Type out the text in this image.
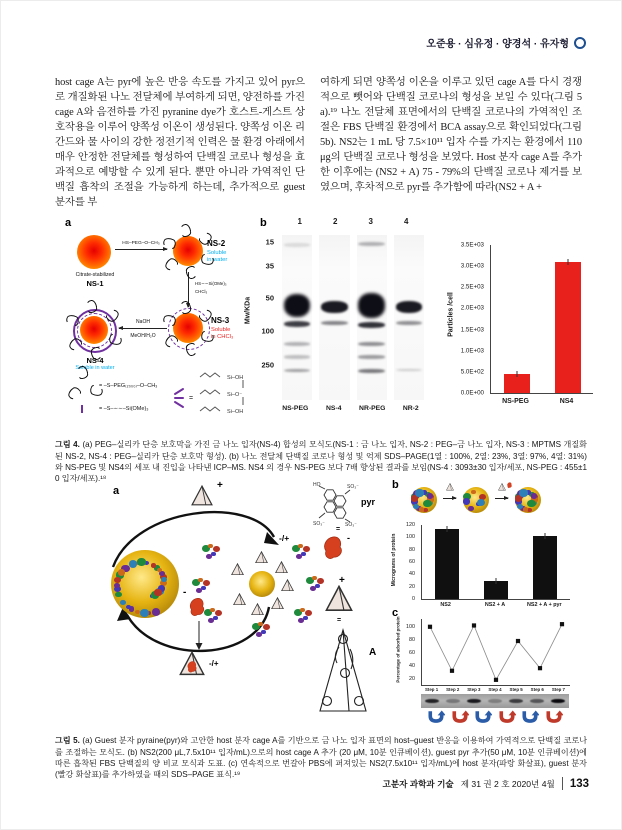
오준용 · 심유정 · 양경석 · 유자형

host cage A는 pyr에 높은 반응 속도를 가지고 있어 pyr으로 개질화된 나노 전달체에 부여하게 되면, 양전하를 가진 cage A와 음전하를 가진 pyranine dye가 호스트-게스트 상호작용을 이루어 양쪽성 이온이 생성된다. 양쪽성 이온 리간드와 물 사이의 강한 정전기적 인력은 물 환경 아래에서 매우 안정한 전달체를 형성하여 단백질 코로나 형성을 효과적으로 예방할 수 있게 된다. 뿐만 아니라 가역적인 단백질 흡착의 조절을 가능하게 하는데, 추가적으로 guest 분자를 부

여하게 되면 양쪽성 이온을 이루고 있던 cage A를 다시 경쟁적으로 뺏어와 단백질 코로나의 형성을 보일 수 있다(그림 5a).¹⁹ 나노 전달체 표면에서의 단백질 코로나의 가역적인 조절은 FBS 단백질 환경에서 BCA assay으로 확인되었다(그림 5b). NS2는 1 mL 당 7.5×10¹¹ 입자 수를 가지는 환경에서 110 μg의 단백질 코로나 형성을 보였다. Host 분자 cage A를 추가한 이후에는 (NS2 + A) 75 - 79%의 단백질 코로나 제거를 보였으며, 후차적으로 pyr를 추가함에 따라(NS2 + A +

a
Citrate-stabilized
NS-1
HS–PEG–O–CH₃	NS-2
Soluble
in water
HS∼∼Si(OMe)₃
CHCl₃
NS-3
Soluble
in CHCl₃
NaOH
MeOH/H₂O
NS-4
Soluble in water
= –S–PEG₍₂₀₀₀₎–O–CH₃
= –S–∼∼–Si(OMe)₃
=
Si–OH
Si–O⁻
Si–OH
b	1	2	3	4
Mw/KDa
15
35
50
100
250
NS-PEG	NS-4	NR-PEG	NR-2
Particles /cell
0.0E+00
5.0E+02
1.0E+03
1.5E+03
2.0E+03
2.5E+03
3.0E+03
3.5E+03
NS-PEG	NS4

그림 4. (a) PEG–실리카 단층 보호막을 가진 금 나노 입자(NS-4) 합성의 모식도(NS-1 : 금 나노 입자, NS-2 : PEG–금 나노 입자, NS-3 : MPTMS 개질화된 NS-2, NS-4 : PEG–실리카 단층 보호막 형성). (b) 나노 전달체 단백질 코로나 형성 및 억제 SDS–PAGE(1열 : 100%, 2열: 23%, 3열: 97%, 4열: 31%)와 NS-PEG 및 NS4의 세포 내 진입을 나타낸 ICP–MS. NS4 의 경우 NS-PEG 보다 7배 향상된 결과를 보임(NS-4 : 3093±30 입자/세포, NS-PEG : 455±10 입자/세포).¹⁸

a	+
-/+
-
-/+
HO	SO₃⁻
SO₃⁻	SO₃⁻
pyr
=
-
+
=
A
b
Micrograms of protein
0
20
40
60
80
100
120
NS2	NS2 + A	NS2 + A + pyr
c
Percentage of adsorbed protein 20
40
60
80
100
Step 1	Step 2	Step 3	Step 4	Step 5	Step 6	Step 7

그림 5. (a) Guest 분자 pyraine(pyr)와 고안한 host 분자 cage A를 기반으로 금 나노 입자 표면의 host–guest 반응을 이용하여 가역적으로 단백질 코로나를 조절하는 모식도. (b) NS2(200 μL,7.5x10¹¹ 입자/mL)으로의 host cage A 추가 (20 μM, 10분 인큐베이션), guest pyr 추가(50 μM, 10분 인큐베이션)에 따른 흡착된 FBS 단백질의 양 비교 모식과 도표. (c) 연속적으로 번갈아 PBS에 퍼져있는 NS2(7.5x10¹¹ 입자/mL)에 host 분자(파랑 화살표), guest 분자(빨강 화살표)를 추가하였을 때의 SDS–PAGE 표식.¹⁹

고분자 과학과 기술 제 31 권 2 호 2020년 4월 133
